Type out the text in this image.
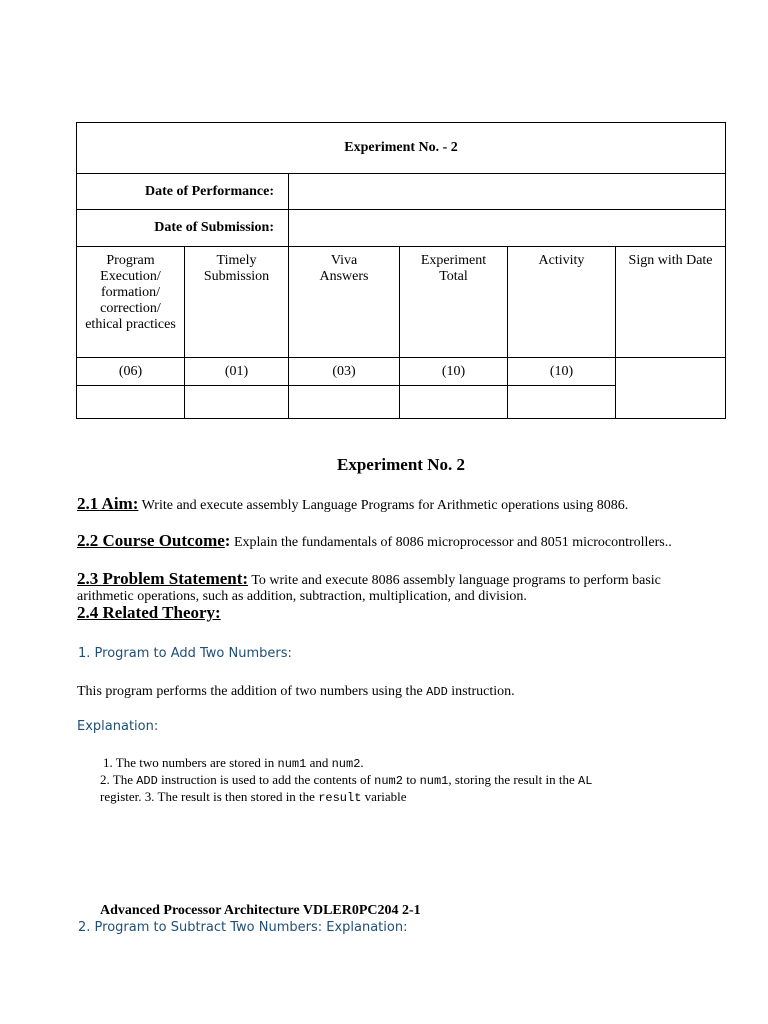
Experiment No. - 2					
Date of Performance:					
Date of Submission:					
Program Execution/ formation/ correction/ ethical practices	Timely Submission	Viva Answers	Experiment Total	Activity	Sign with Date
(06)	(01)	(03)	(10)	(10)	

Experiment No. 2
2.1 Aim: Write and execute assembly Language Programs for Arithmetic operations using 8086.
2.2 Course Outcome: Explain the fundamentals of 8086 microprocessor and 8051 microcontrollers..
2.3 Problem Statement: To write and execute 8086 assembly language programs to perform basic arithmetic operations, such as addition, subtraction, multiplication, and division.
2.4 Related Theory:
1. Program to Add Two Numbers:
This program performs the addition of two numbers using the ADD instruction.
Explanation:
1. The two numbers are stored in num1 and num2.
2. The ADD instruction is used to add the contents of num2 to num1, storing the result in the AL
register. 3. The result is then stored in the result variable
Advanced Processor Architecture VDLER0PC204 2-1
2. Program to Subtract Two Numbers: Explanation:
